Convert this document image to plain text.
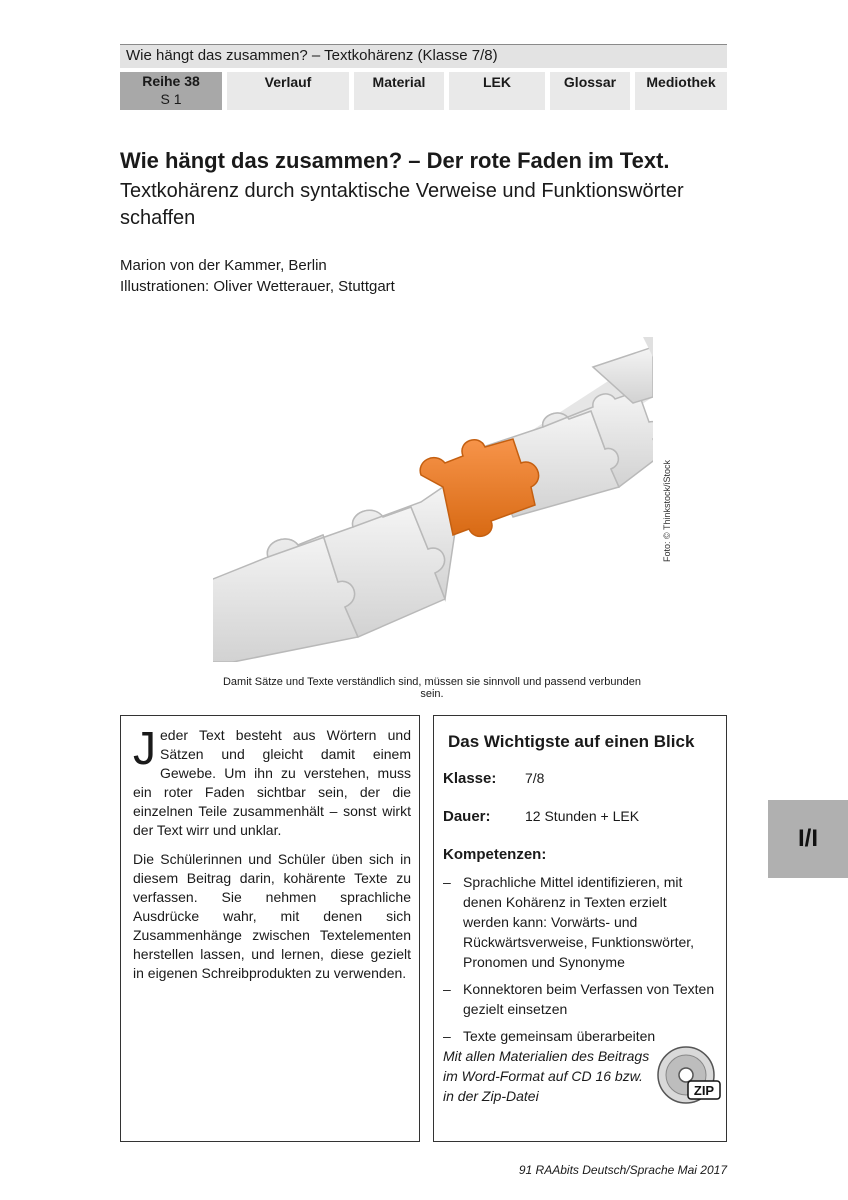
Wie hängt das zusammen? – Textkohärenz (Klasse 7/8)
Reihe 38
S 1
Verlauf	Material	LEK	Glossar	Mediothek
Wie hängt das zusammen? – Der rote Faden im Text.
Textkohärenz durch syntaktische Verweise und Funktionswörter schaffen
Marion von der Kammer, Berlin
Illustrationen: Oliver Wetterauer, Stuttgart
Foto: © Thinkstock/iStock
Damit Sätze und Texte verständlich sind, müssen sie sinnvoll und passend verbunden sein.
I/I

Jeder Text besteht aus Wörtern und Sätzen und gleicht damit einem Gewebe. Um ihn zu verstehen, muss ein roter Faden sichtbar sein, der die einzelnen Teile zusammenhält – sonst wirkt der Text wirr und unklar.

Die Schülerinnen und Schüler üben sich in diesem Beitrag darin, kohärente Texte zu verfassen. Sie nehmen sprachliche Ausdrücke wahr, mit denen sich Zusammenhänge zwischen Textelementen herstellen lassen, und lernen, diese gezielt in eigenen Schreibprodukten zu verwenden.

Das Wichtigste auf einen Blick
Klasse: 7/8
Dauer: 12 Stunden + LEK
Kompetenzen:
– Sprachliche Mittel identifizieren, mit denen Kohärenz in Texten erzielt werden kann: Vorwärts- und Rückwärtsverweise, Funktionswörter, Pronomen und Synonyme
– Konnektoren beim Verfassen von Texten gezielt einsetzen
– Texte gemeinsam überarbeiten
Mit allen Materialien des Beitrags im Word-Format auf CD 16 bzw. in der Zip-Datei	ZIP
91 RAAbits Deutsch/Sprache Mai 2017
